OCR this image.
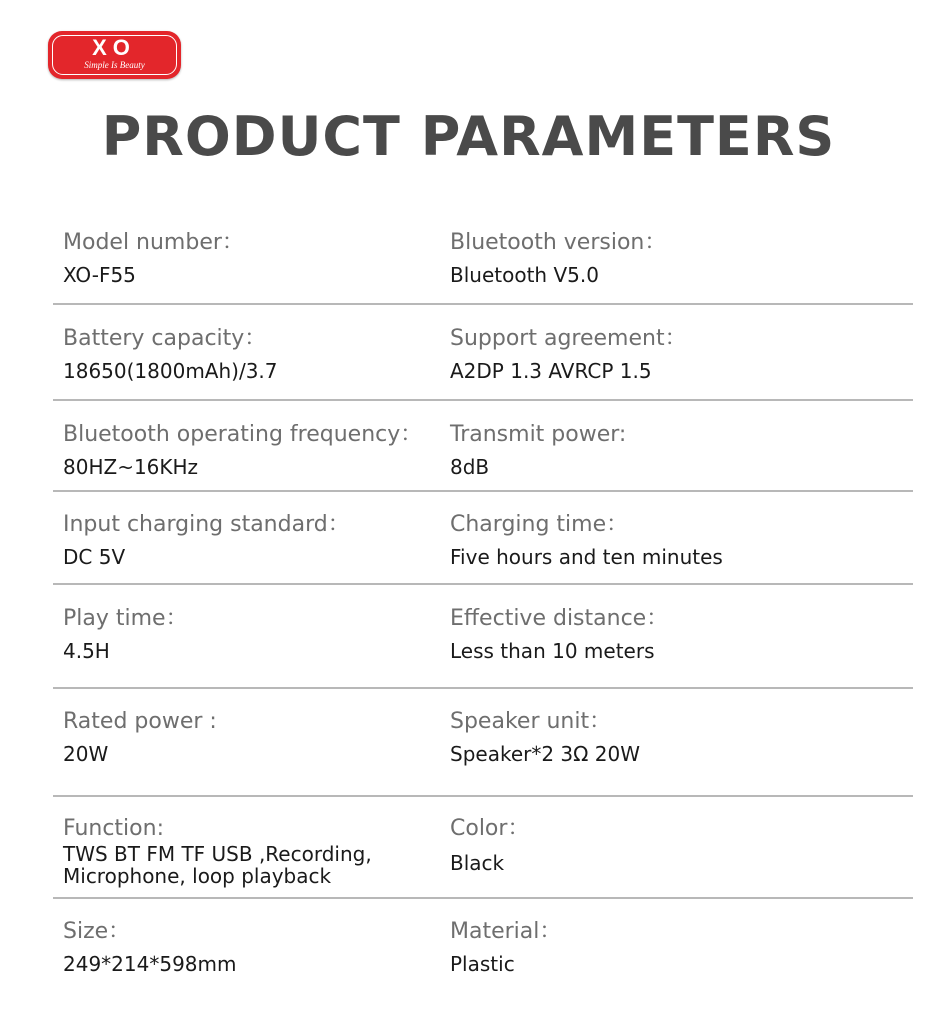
XO
Simple Is Beauty
PRODUCT PARAMETERS
Model number：
XO-F55
Bluetooth version：
Bluetooth V5.0
Battery capacity：
18650(1800mAh)/3.7
Support agreement：
A2DP 1.3 AVRCP 1.5
Bluetooth operating frequency：
80HZ~16KHz
Transmit power:
8dB
Input charging standard：
DC 5V
Charging time：
Five hours and ten minutes
Play time：
4.5H
Effective distance：
Less than 10 meters
Rated power :
20W
Speaker unit：
Speaker*2 3Ω 20W
Function:
TWS BT FM TF USB ,Recording,
Microphone, loop playback
Color：
Black
Size：
249*214*598mm
Material：
Plastic
